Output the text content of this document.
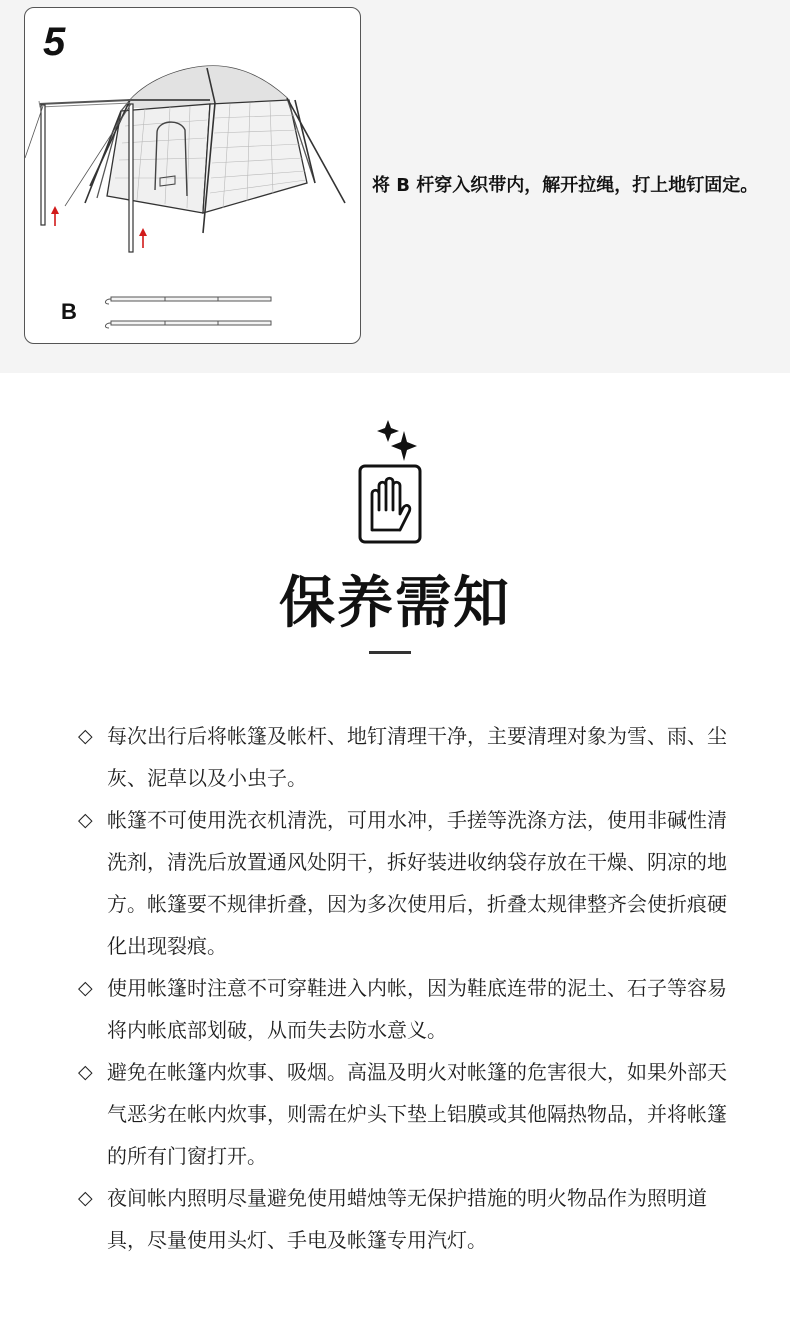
5
B
将 B 杆穿入织带内，解开拉绳，打上地钉固定。
保养需知
◇ 每次出行后将帐篷及帐杆、地钉清理干净，主要清理对象为雪、雨、尘灰、泥草以及小虫子。
◇ 帐篷不可使用洗衣机清洗，可用水冲，手搓等洗涤方法，使用非碱性清洗剂，清洗后放置通风处阴干，拆好装进收纳袋存放在干燥、阴凉的地方。帐篷要不规律折叠，因为多次使用后，折叠太规律整齐会使折痕硬化出现裂痕。
◇ 使用帐篷时注意不可穿鞋进入内帐，因为鞋底连带的泥土、石子等容易将内帐底部划破，从而失去防水意义。
◇ 避免在帐篷内炊事、吸烟。高温及明火对帐篷的危害很大，如果外部天气恶劣在帐内炊事，则需在炉头下垫上铝膜或其他隔热物品，并将帐篷的所有门窗打开。
◇ 夜间帐内照明尽量避免使用蜡烛等无保护措施的明火物品作为照明道具，尽量使用头灯、手电及帐篷专用汽灯。
